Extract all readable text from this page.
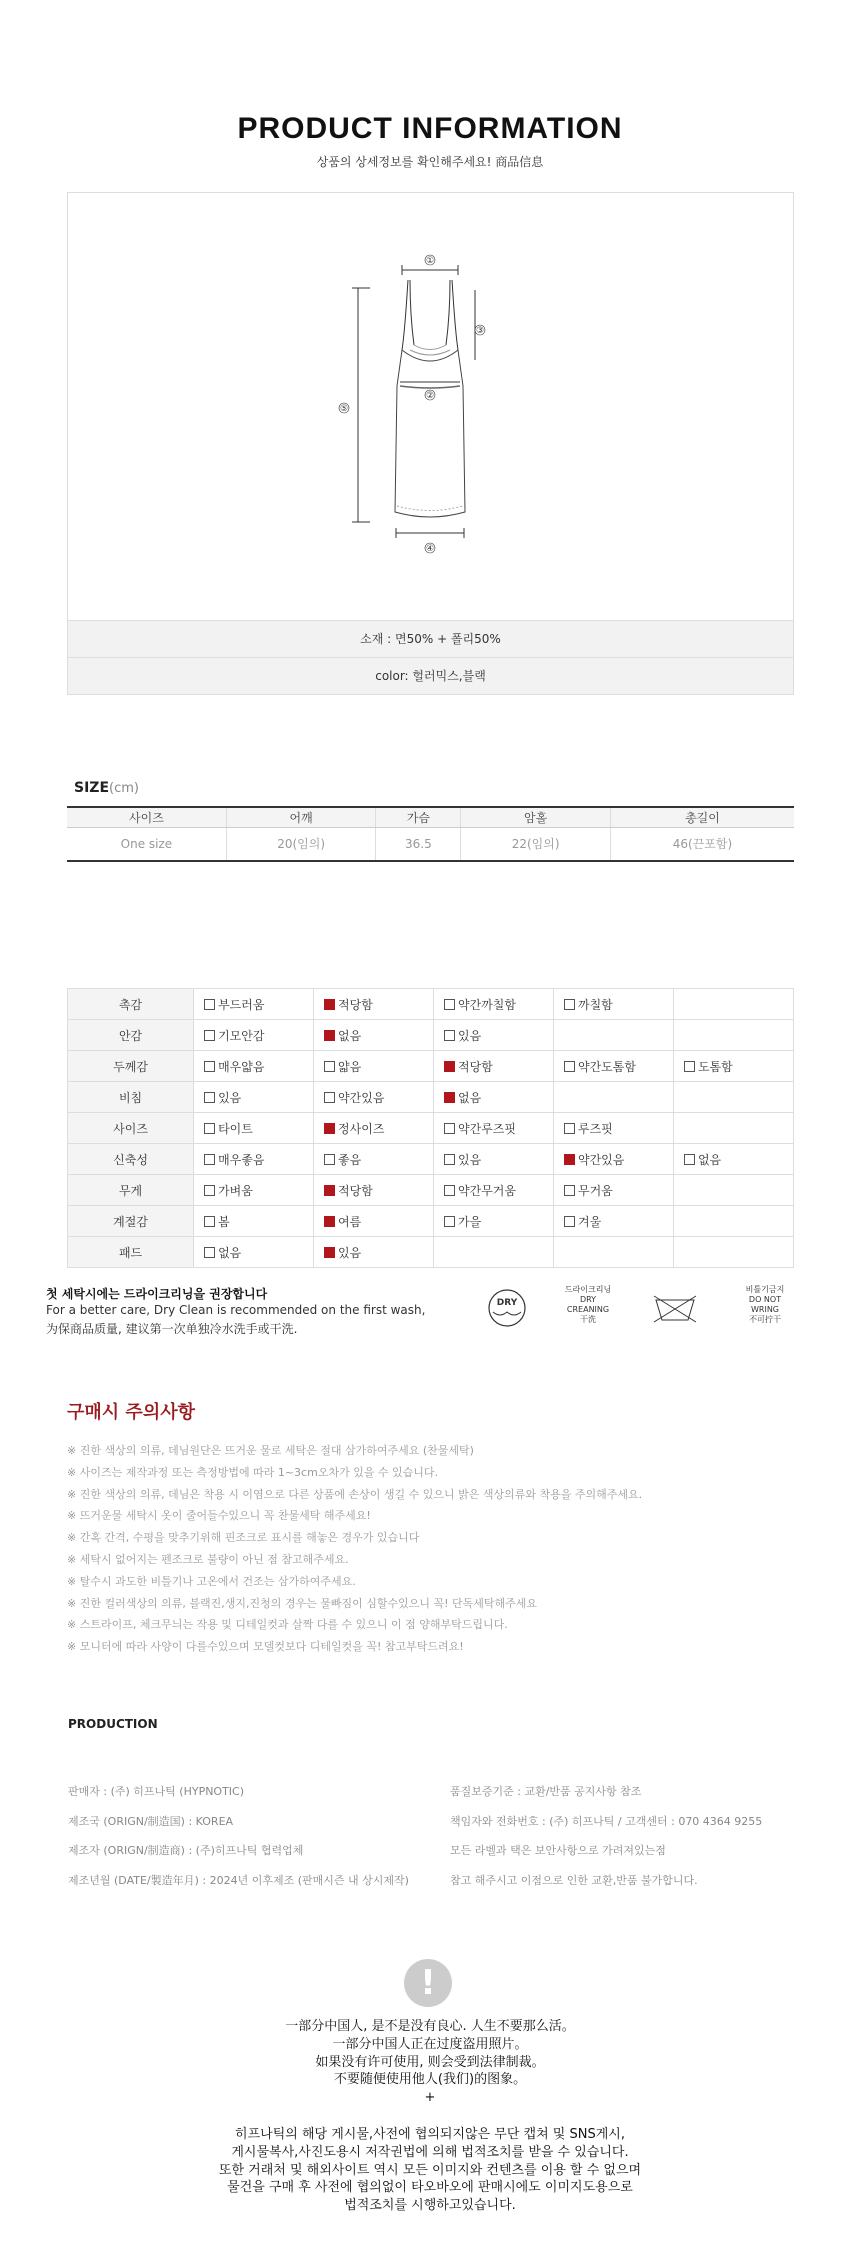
PRODUCT INFORMATION
상품의 상세정보를 확인해주세요! 商品信息
①
②
③
④
⑤
소재 : 면50% + 폴리50%
color: 헐러믹스,블랙
SIZE(cm)
사이즈	어깨	가슴	암홀	총길이
One size	20(임의)	36.5	22(임의)	46(끈포함)
촉감	부드러움	적당함	약간까칠함	까칠함	
안감	기모안감	없음	있음		
두께감	매우얇음	얇음	적당함	약간도톰함	도톰함
비침	있음	약간있음	없음		
사이즈	타이트	정사이즈	약간루즈핏	루즈핏	
신축성	매우좋음	좋음	있음	약간있음	없음
무게	가벼움	적당함	약간무거움	무거움	
계절감	봄	여름	가을	겨울	
패드	없음	있음			
첫 세탁시에는 드라이크리닝을 권장합니다
For a better care, Dry Clean is recommended on the first wash,
为保商品质量, 建议第一次单独冷水洗手或干洗.
DRY
드라이크리닝
DRY
CREANING
干洗
비틀기금지
DO NOT
WRING
不可拧干
구매시 주의사항
※ 진한 색상의 의류, 데님원단은 뜨거운 물로 세탁은 절대 삼가하여주세요 (찬물세탁)
※ 사이즈는 제작과정 또는 측정방법에 따라 1~3cm오차가 있을 수 있습니다.
※ 진한 색상의 의류, 데님은 착용 시 이염으로 다른 상품에 손상이 생길 수 있으니 밝은 색상의류와 착용을 주의해주세요.
※ 뜨거운물 세탁시 옷이 줄어들수있으니 꼭 찬물세탁 해주세요!
※ 간혹 간격, 수평을 맞추기위해 핀조크로 표시를 해놓은 경우가 있습니다
※ 세탁시 없어지는 펜조크로 불량이 아닌 점 참고해주세요.
※ 탈수시 과도한 비틀기나 고온에서 건조는 삼가하여주세요.
※ 진한 컬러색상의 의류, 블랙진,생지,진청의 경우는 물빠짐이 심할수있으니 꼭! 단독세탁해주세요
※ 스트라이프, 체크무늬는 작용 및 디테일컷과 살짝 다를 수 있으니 이 점 양해부탁드립니다.
※ 모니터에 따라 사양이 다를수있으며 모델컷보다 디테일컷을 꼭! 참고부탁드려요!
PRODUCTION
판매자 : (주) 히프나틱 (HYPNOTIC)
제조국 (ORIGN/制造国) : KOREA
제조자 (ORIGN/制造商) : (주)히프나틱 협력업체
제조년월 (DATE/製造年月) : 2024년 이후제조 (판매시즌 내 상시제작)
품질보증기준 : 교환/반품 공지사항 참조
책임자와 전화번호 : (주) 히프나틱 / 고객센터 : 070 4364 9255
모든 라벨과 택은 보안사항으로 가려져있는점
참고 해주시고 이점으로 인한 교환,반품 불가합니다.
!
一部分中国人, 是不是没有良心. 人生不要那么活。
一部分中国人正在过度盗用照片。
如果没有许可使用, 则会受到法律制裁。
不要随便使用他人(我们)的图象。
+
히프나틱의 해당 게시물,사전에 협의되지않은 무단 캡쳐 및 SNS게시,
게시물복사,사진도용시 저작권법에 의해 법적조치를 받을 수 있습니다.
또한 거래처 및 해외사이트 역시 모든 이미지와 컨텐츠를 이용 할 수 없으며
물건을 구매 후 사전에 협의없이 타오바오에 판매시에도 이미지도용으로
법적조치를 시행하고있습니다.
